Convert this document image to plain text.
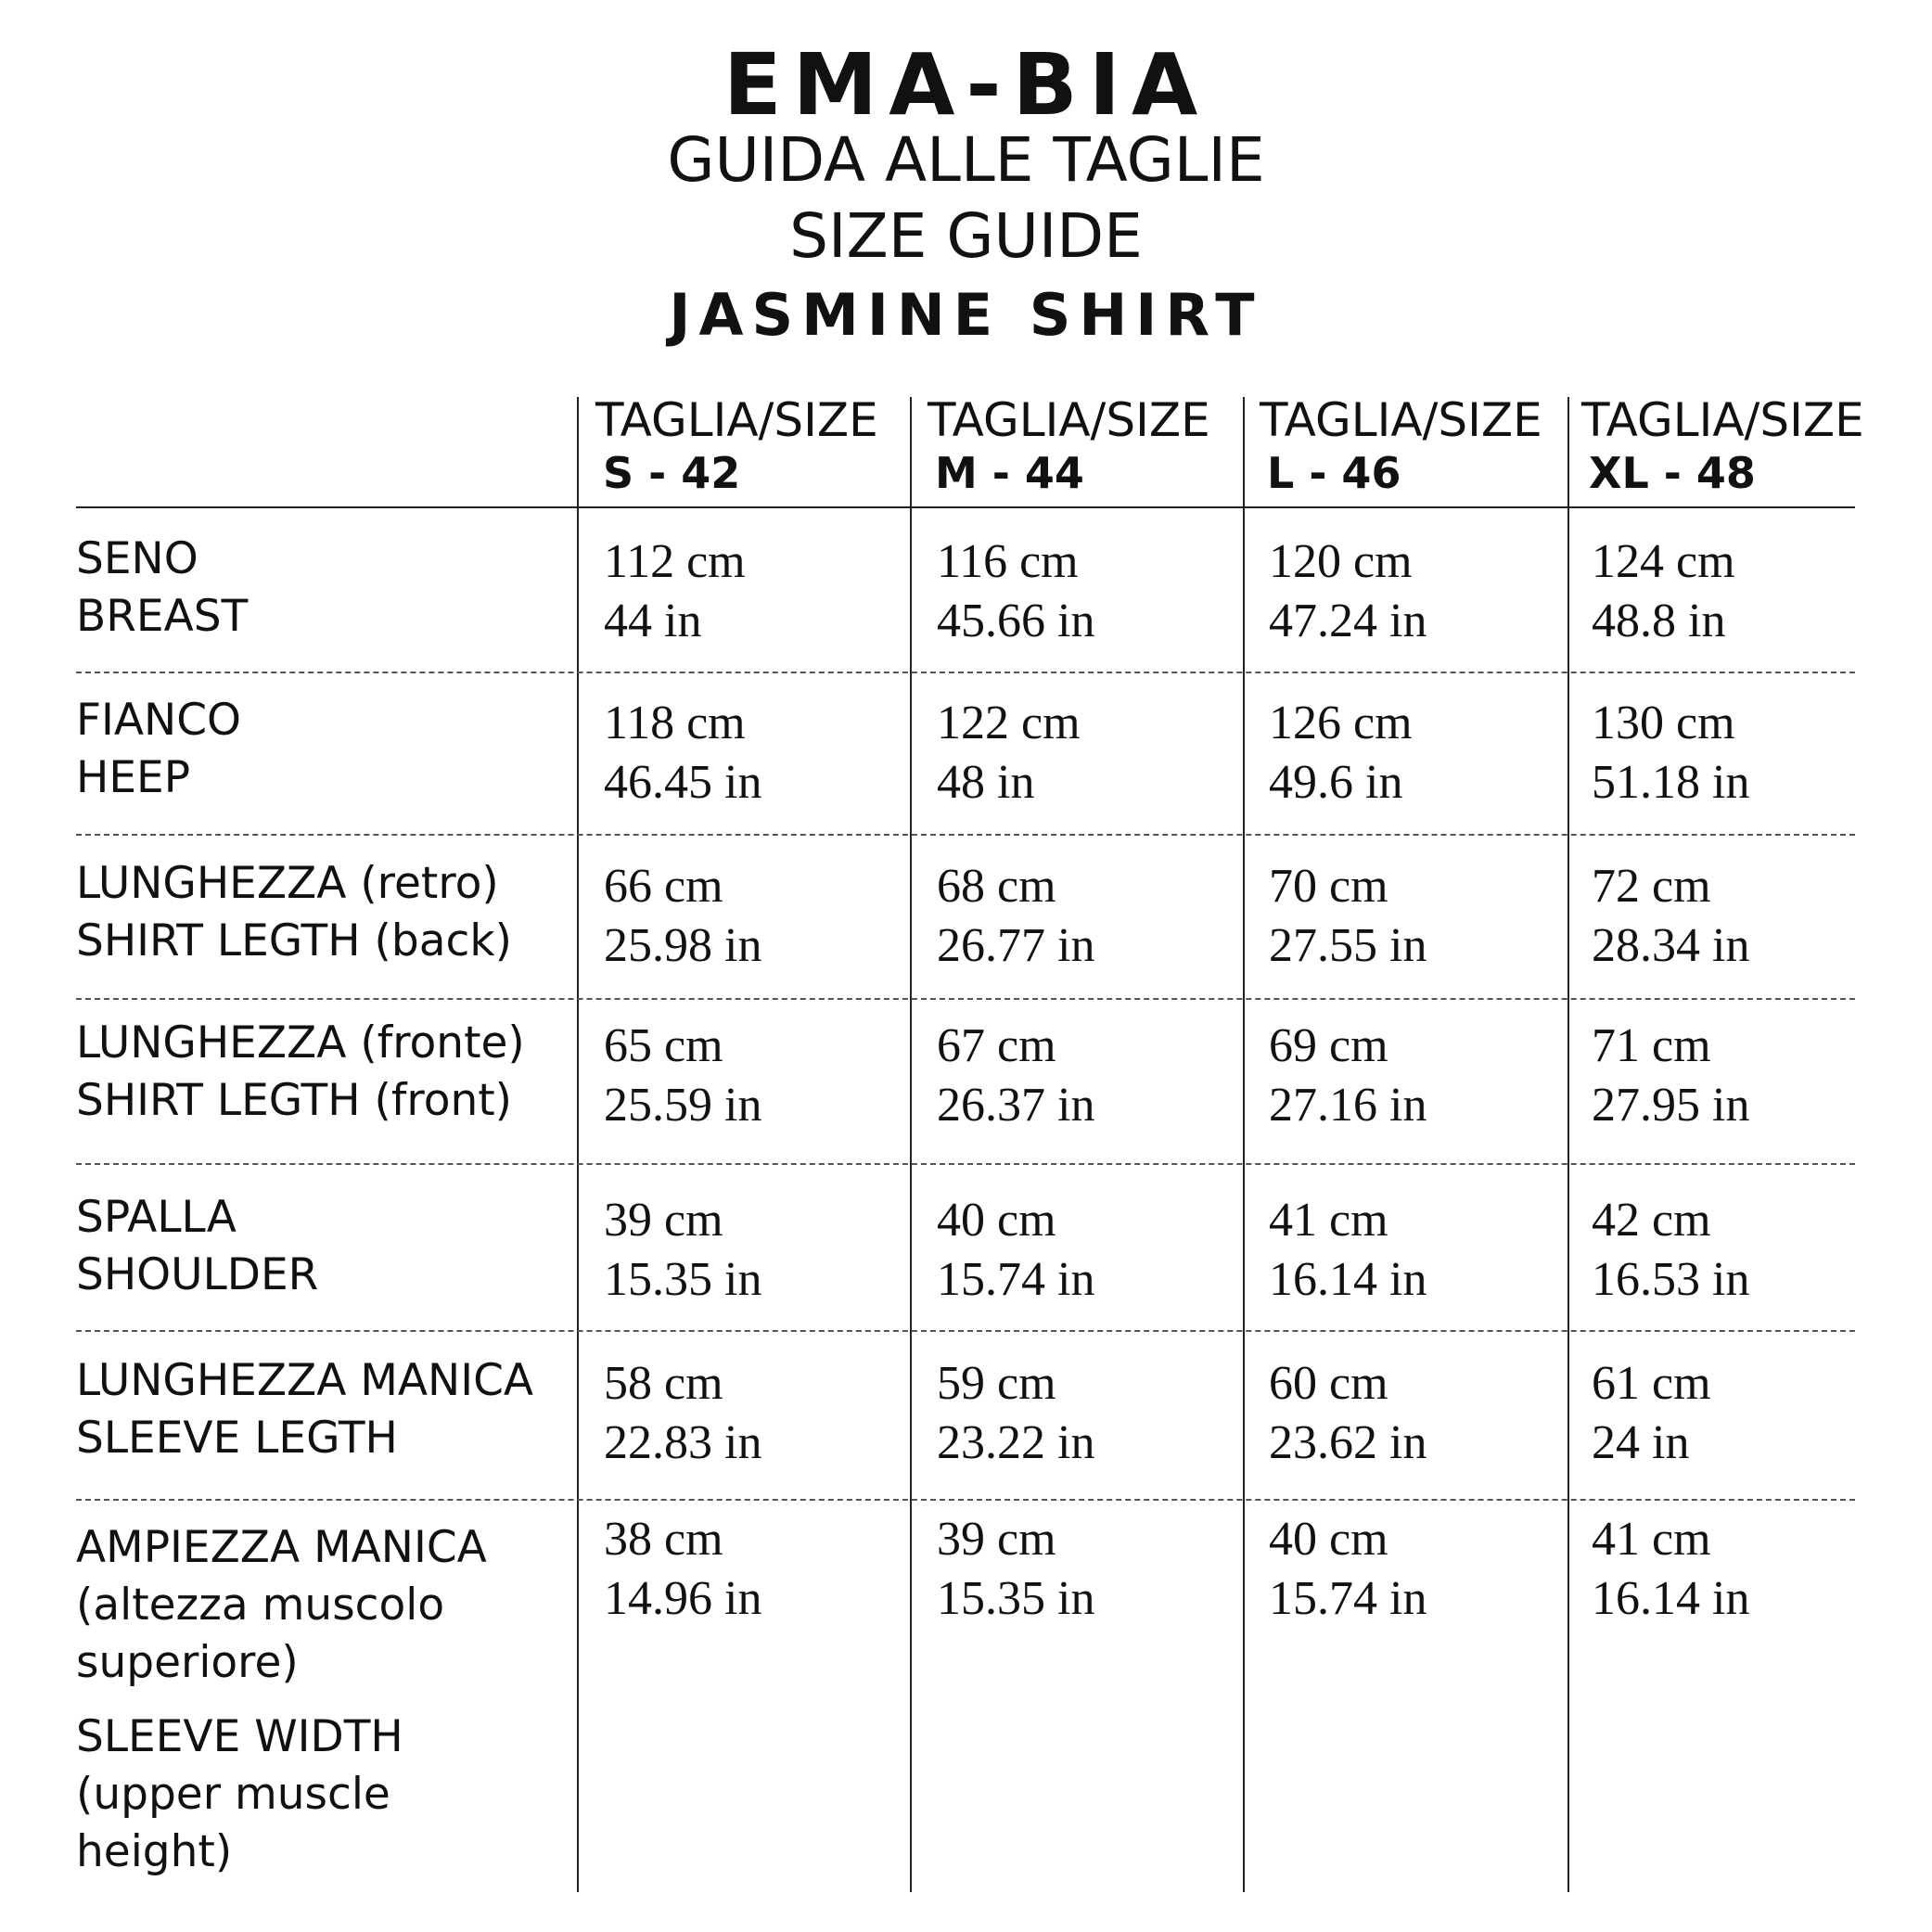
EMA-BIA
GUIDA ALLE TAGLIE
SIZE GUIDE
JASMINE SHIRT
TAGLIA/SIZE
S - 42
TAGLIA/SIZE
M - 44
TAGLIA/SIZE
L - 46
TAGLIA/SIZE
XL - 48
SENO
BREAST
112 cm
44 in
116 cm
45.66 in
120 cm
47.24 in
124 cm
48.8 in
FIANCO
HEEP
118 cm
46.45 in
122 cm
48 in
126 cm
49.6 in
130 cm
51.18 in
LUNGHEZZA (retro)
SHIRT LEGTH (back)
66 cm
25.98 in
68 cm
26.77 in
70 cm
27.55 in
72 cm
28.34 in
LUNGHEZZA (fronte)
SHIRT LEGTH (front)
65 cm
25.59 in
67 cm
26.37 in
69 cm
27.16 in
71 cm
27.95 in
SPALLA
SHOULDER
39 cm
15.35 in
40 cm
15.74 in
41 cm
16.14 in
42 cm
16.53 in
LUNGHEZZA MANICA
SLEEVE LEGTH
58 cm
22.83 in
59 cm
23.22 in
60 cm
23.62 in
61 cm
24 in
AMPIEZZA MANICA
(altezza muscolo
superiore)
SLEEVE WIDTH
(upper muscle
height)
38 cm
14.96 in
39 cm
15.35 in
40 cm
15.74 in
41 cm
16.14 in
